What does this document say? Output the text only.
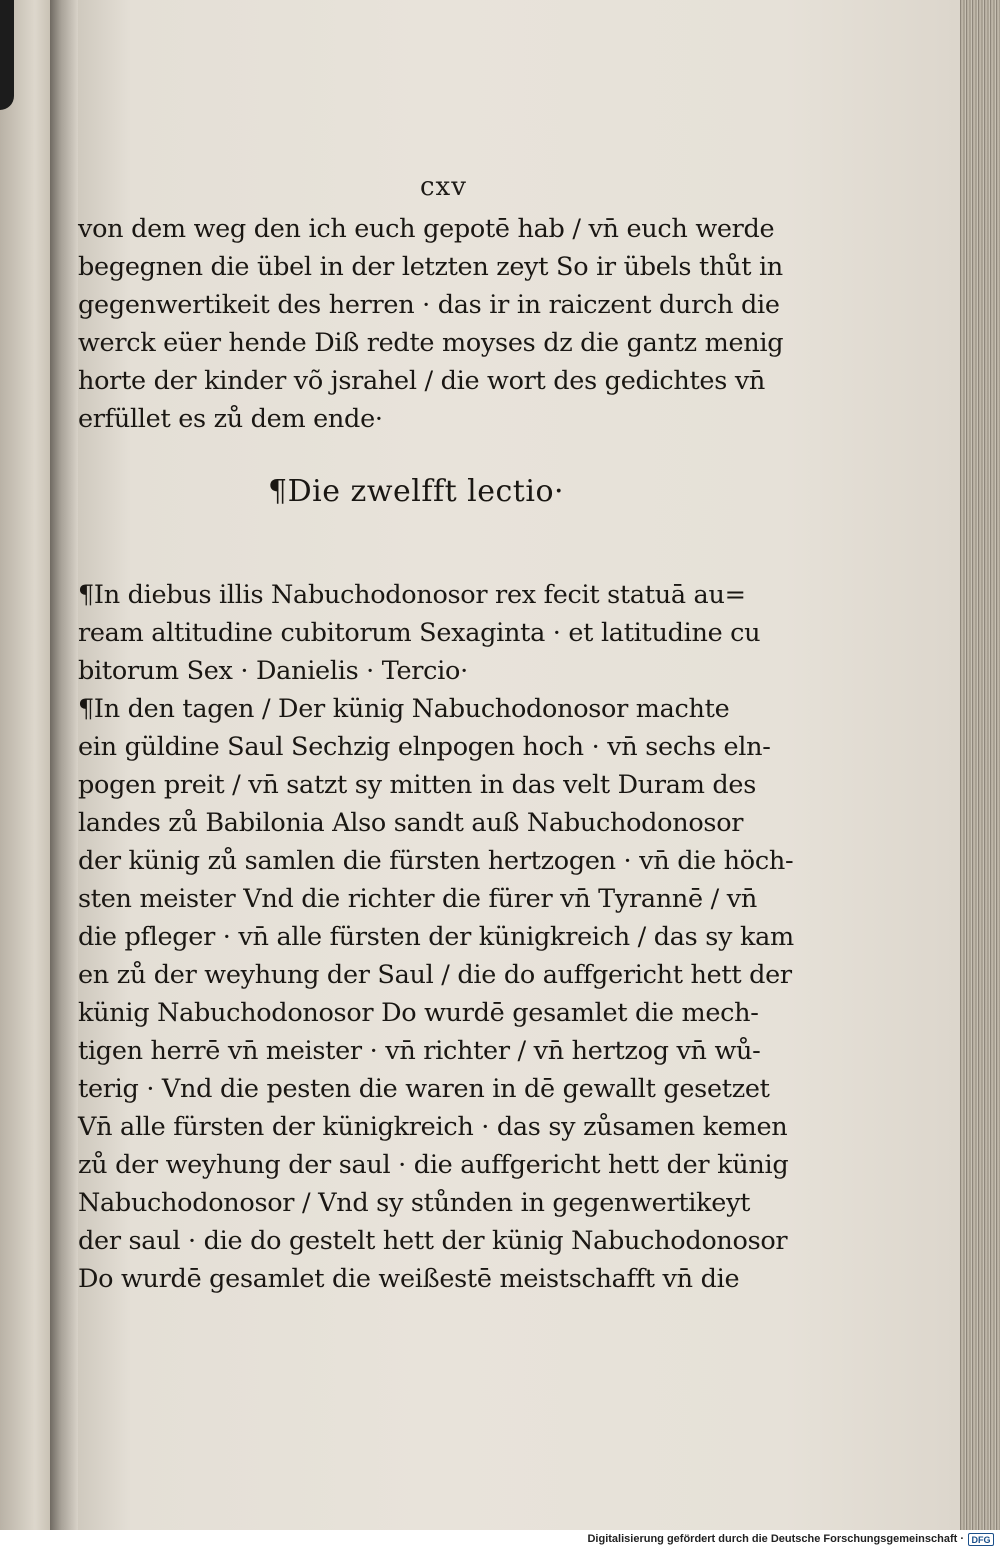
cxv
von dem weg den ich euch gepotē hab / vn̄ euch werde
begegnen die übel in der letzten zeyt So ir übels thůt in
gegenwertikeit des herren · das ir in raiczent durch die
werck eüer hende Diß redte moyses dz die gantz menig
horte der kinder võ jsrahel / die wort des gedichtes vn̄
erfüllet es zů dem ende·
¶Die zwelfft lectio·
¶In diebus illis Nabuchodonosor rex fecit statuā au=
ream altitudine cubitorum Sexaginta · et latitudine cu
bitorum Sex · Danielis · Tercio·
¶In den tagen / Der künig Nabuchodonosor machte
ein güldine Saul Sechzig elnpogen hoch · vn̄ sechs eln-
pogen preit / vn̄ satzt sy mitten in das velt Duram des
landes zů Babilonia Also sandt auß Nabuchodonosor
der künig zů samlen die fürsten hertzogen · vn̄ die höch-
sten meister Vnd die richter die fürer vn̄ Tyrannē / vn̄
die pfleger · vn̄ alle fürsten der künigkreich / das sy kam
en zů der weyhung der Saul / die do auffgericht hett der
künig Nabuchodonosor Do wurdē gesamlet die mech-
tigen herrē vn̄ meister · vn̄ richter / vn̄ hertzog vn̄ wů-
terig · Vnd die pesten die waren in dē gewallt gesetzet
Vn̄ alle fürsten der künigkreich · das sy zůsamen kemen
zů der weyhung der saul · die auffgericht hett der künig
Nabuchodonosor / Vnd sy stůnden in gegenwertikeyt
der saul · die do gestelt hett der künig Nabuchodonosor
Do wurdē gesamlet die weißestē meistschafft vn̄ die
Digitalisierung gefördert durch die Deutsche Forschungsgemeinschaft · DFG
